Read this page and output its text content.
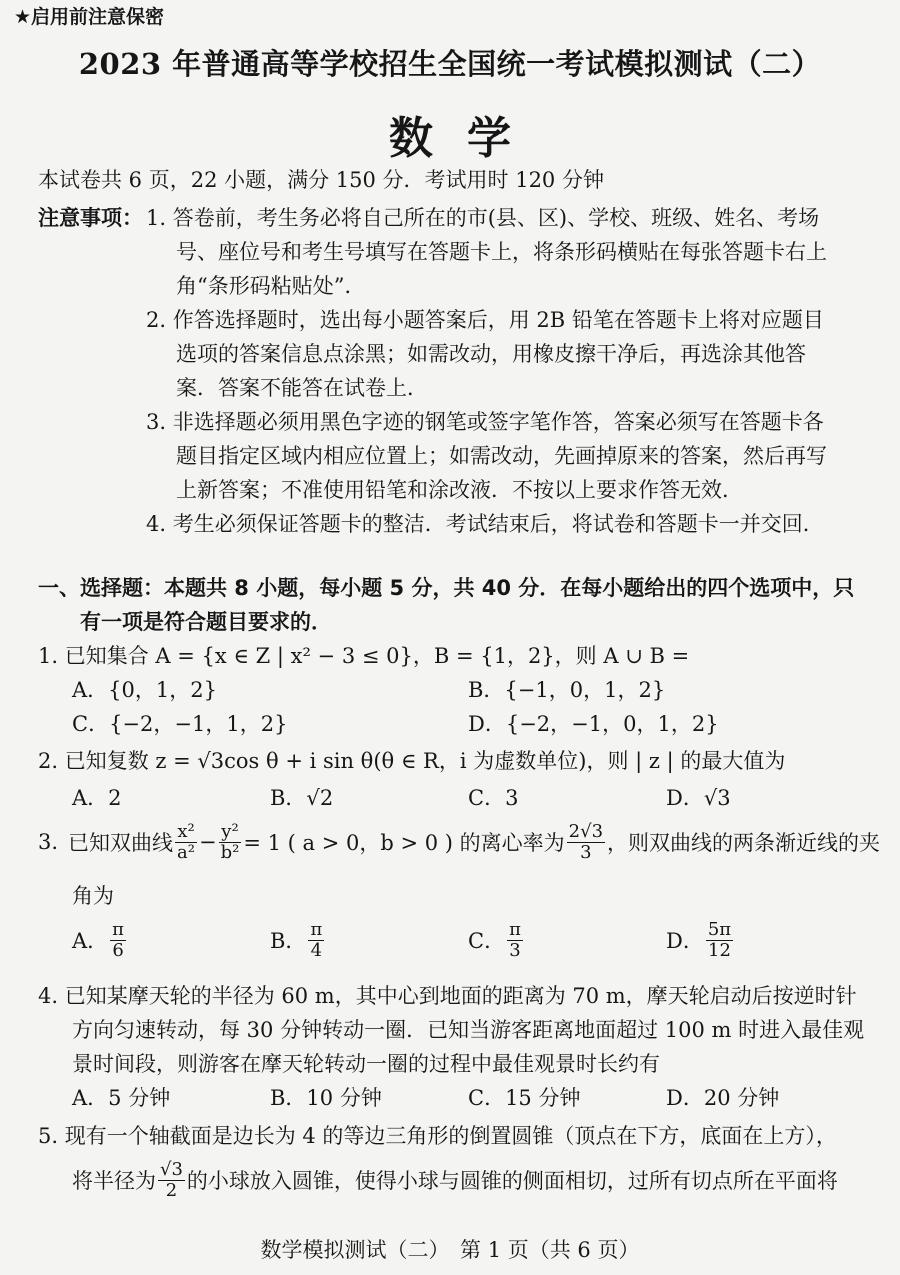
★启用前注意保密
2023 年普通高等学校招生全国统一考试模拟测试（二）
数学
本试卷共 6 页，22 小题，满分 150 分．考试用时 120 分钟
注意事项： 1. 答卷前，考生务必将自己所在的市(县、区)、学校、班级、姓名、考场
号、座位号和考生号填写在答题卡上，将条形码横贴在每张答题卡右上
角“条形码粘贴处”．
2. 作答选择题时，选出每小题答案后，用 2B 铅笔在答题卡上将对应题目
选项的答案信息点涂黑；如需改动，用橡皮擦干净后，再选涂其他答
案．答案不能答在试卷上．
3. 非选择题必须用黑色字迹的钢笔或签字笔作答，答案必须写在答题卡各
题目指定区域内相应位置上；如需改动，先画掉原来的答案，然后再写
上新答案；不准使用铅笔和涂改液．不按以上要求作答无效．
4. 考生必须保证答题卡的整洁．考试结束后，将试卷和答题卡一并交回．
一、选择题：本题共 8 小题，每小题 5 分，共 40 分．在每小题给出的四个选项中，只
有一项是符合题目要求的．
1. 已知集合 A = {x ∈ Z | x² − 3 ≤ 0}，B = {1，2}，则 A ∪ B =
A．{0，1，2}	B．{−1，0，1，2}
C．{−2，−1，1，2}	D．{−2，−1，0，1，2}
2. 已知复数 z = √3cos θ + i sin θ(θ ∈ R，i 为虚数单位)，则 | z | 的最大值为
A．2	B．√2	C．3	D．√3
3. 已知双曲线 $\frac{\text{x²}}{\text{a²}} - \frac{\text{y²}}{\text{b²}} = 1$ ( a > 0，b > 0 ) 的离心率为 $\frac{2√3}{3}$ ，则双曲线的两条渐近线的夹
角为
A． $\frac{\pi}{6}$	B． $\frac{\pi}{4}$	C． $\frac{\pi}{3}$	D． $\frac{5\pi}{12}$
4. 已知某摩天轮的半径为 60 m，其中心到地面的距离为 70 m，摩天轮启动后按逆时针
方向匀速转动，每 30 分钟转动一圈．已知当游客距离地面超过 100 m 时进入最佳观
景时间段，则游客在摩天轮转动一圈的过程中最佳观景时长约有
A．5 分钟	B．10 分钟	C．15 分钟	D．20 分钟
5. 现有一个轴截面是边长为 4 的等边三角形的倒置圆锥（顶点在下方，底面在上方），
将半径为 $\frac{√3}{2}$ 的小球放入圆锥，使得小球与圆锥的侧面相切，过所有切点所在平面将
数学模拟测试（二）　第 1 页（共 6 页）
